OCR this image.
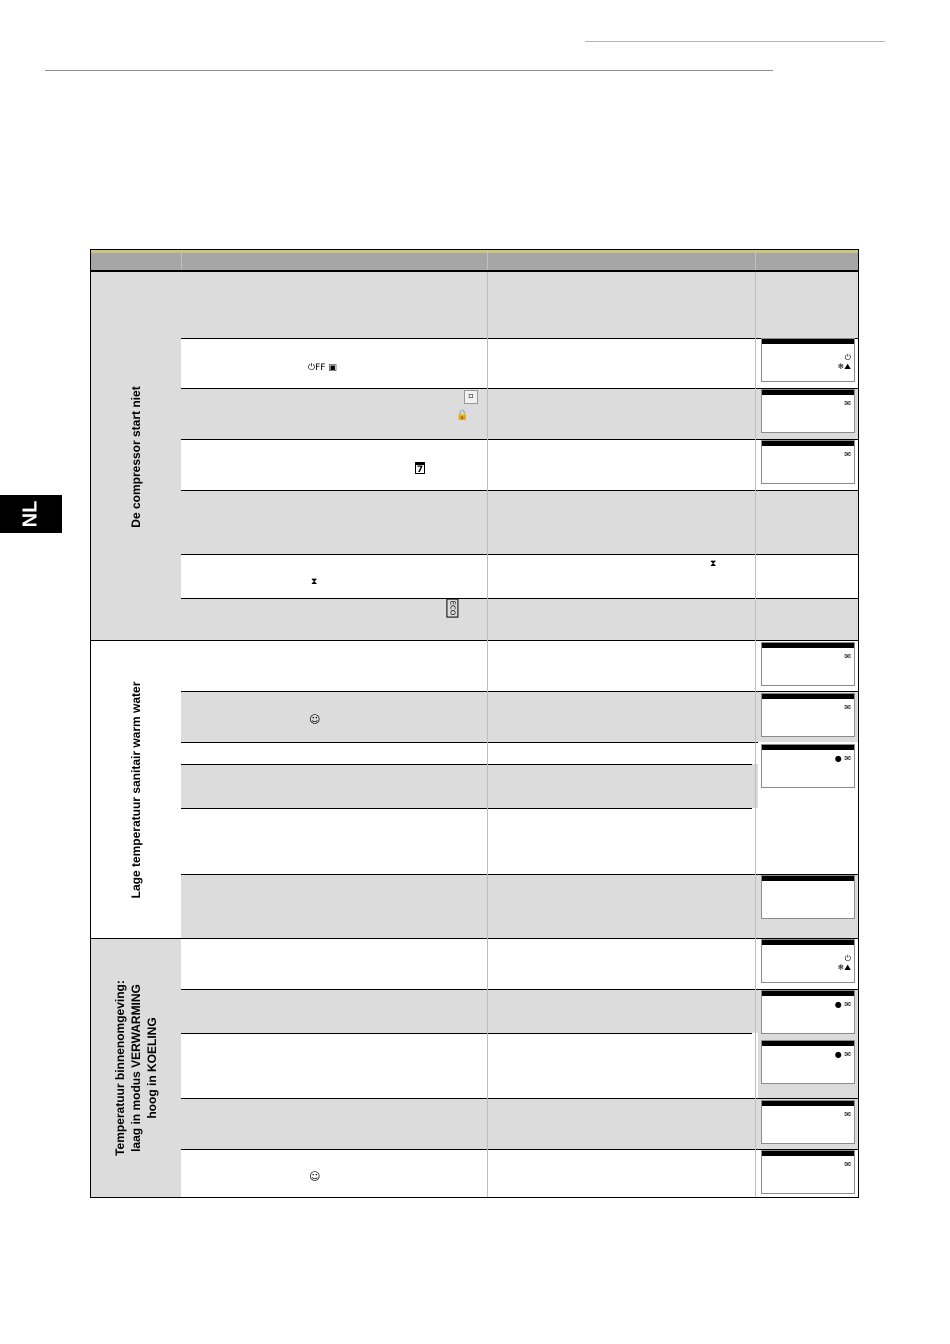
NL	De compressor start niet
Lage temperatuur sanitair warm water
Temperatuur binnenomgeving:
laag in modus VERWARMING
hoog in KOELING
⏻FF ▣
▫
🔒
7
⧗
⧗
ECO
☺
☺
⏻
❄⛰
✉
✉
✉
✉
● ✉
⏻
❄⛰
● ✉
● ✉
✉
✉
